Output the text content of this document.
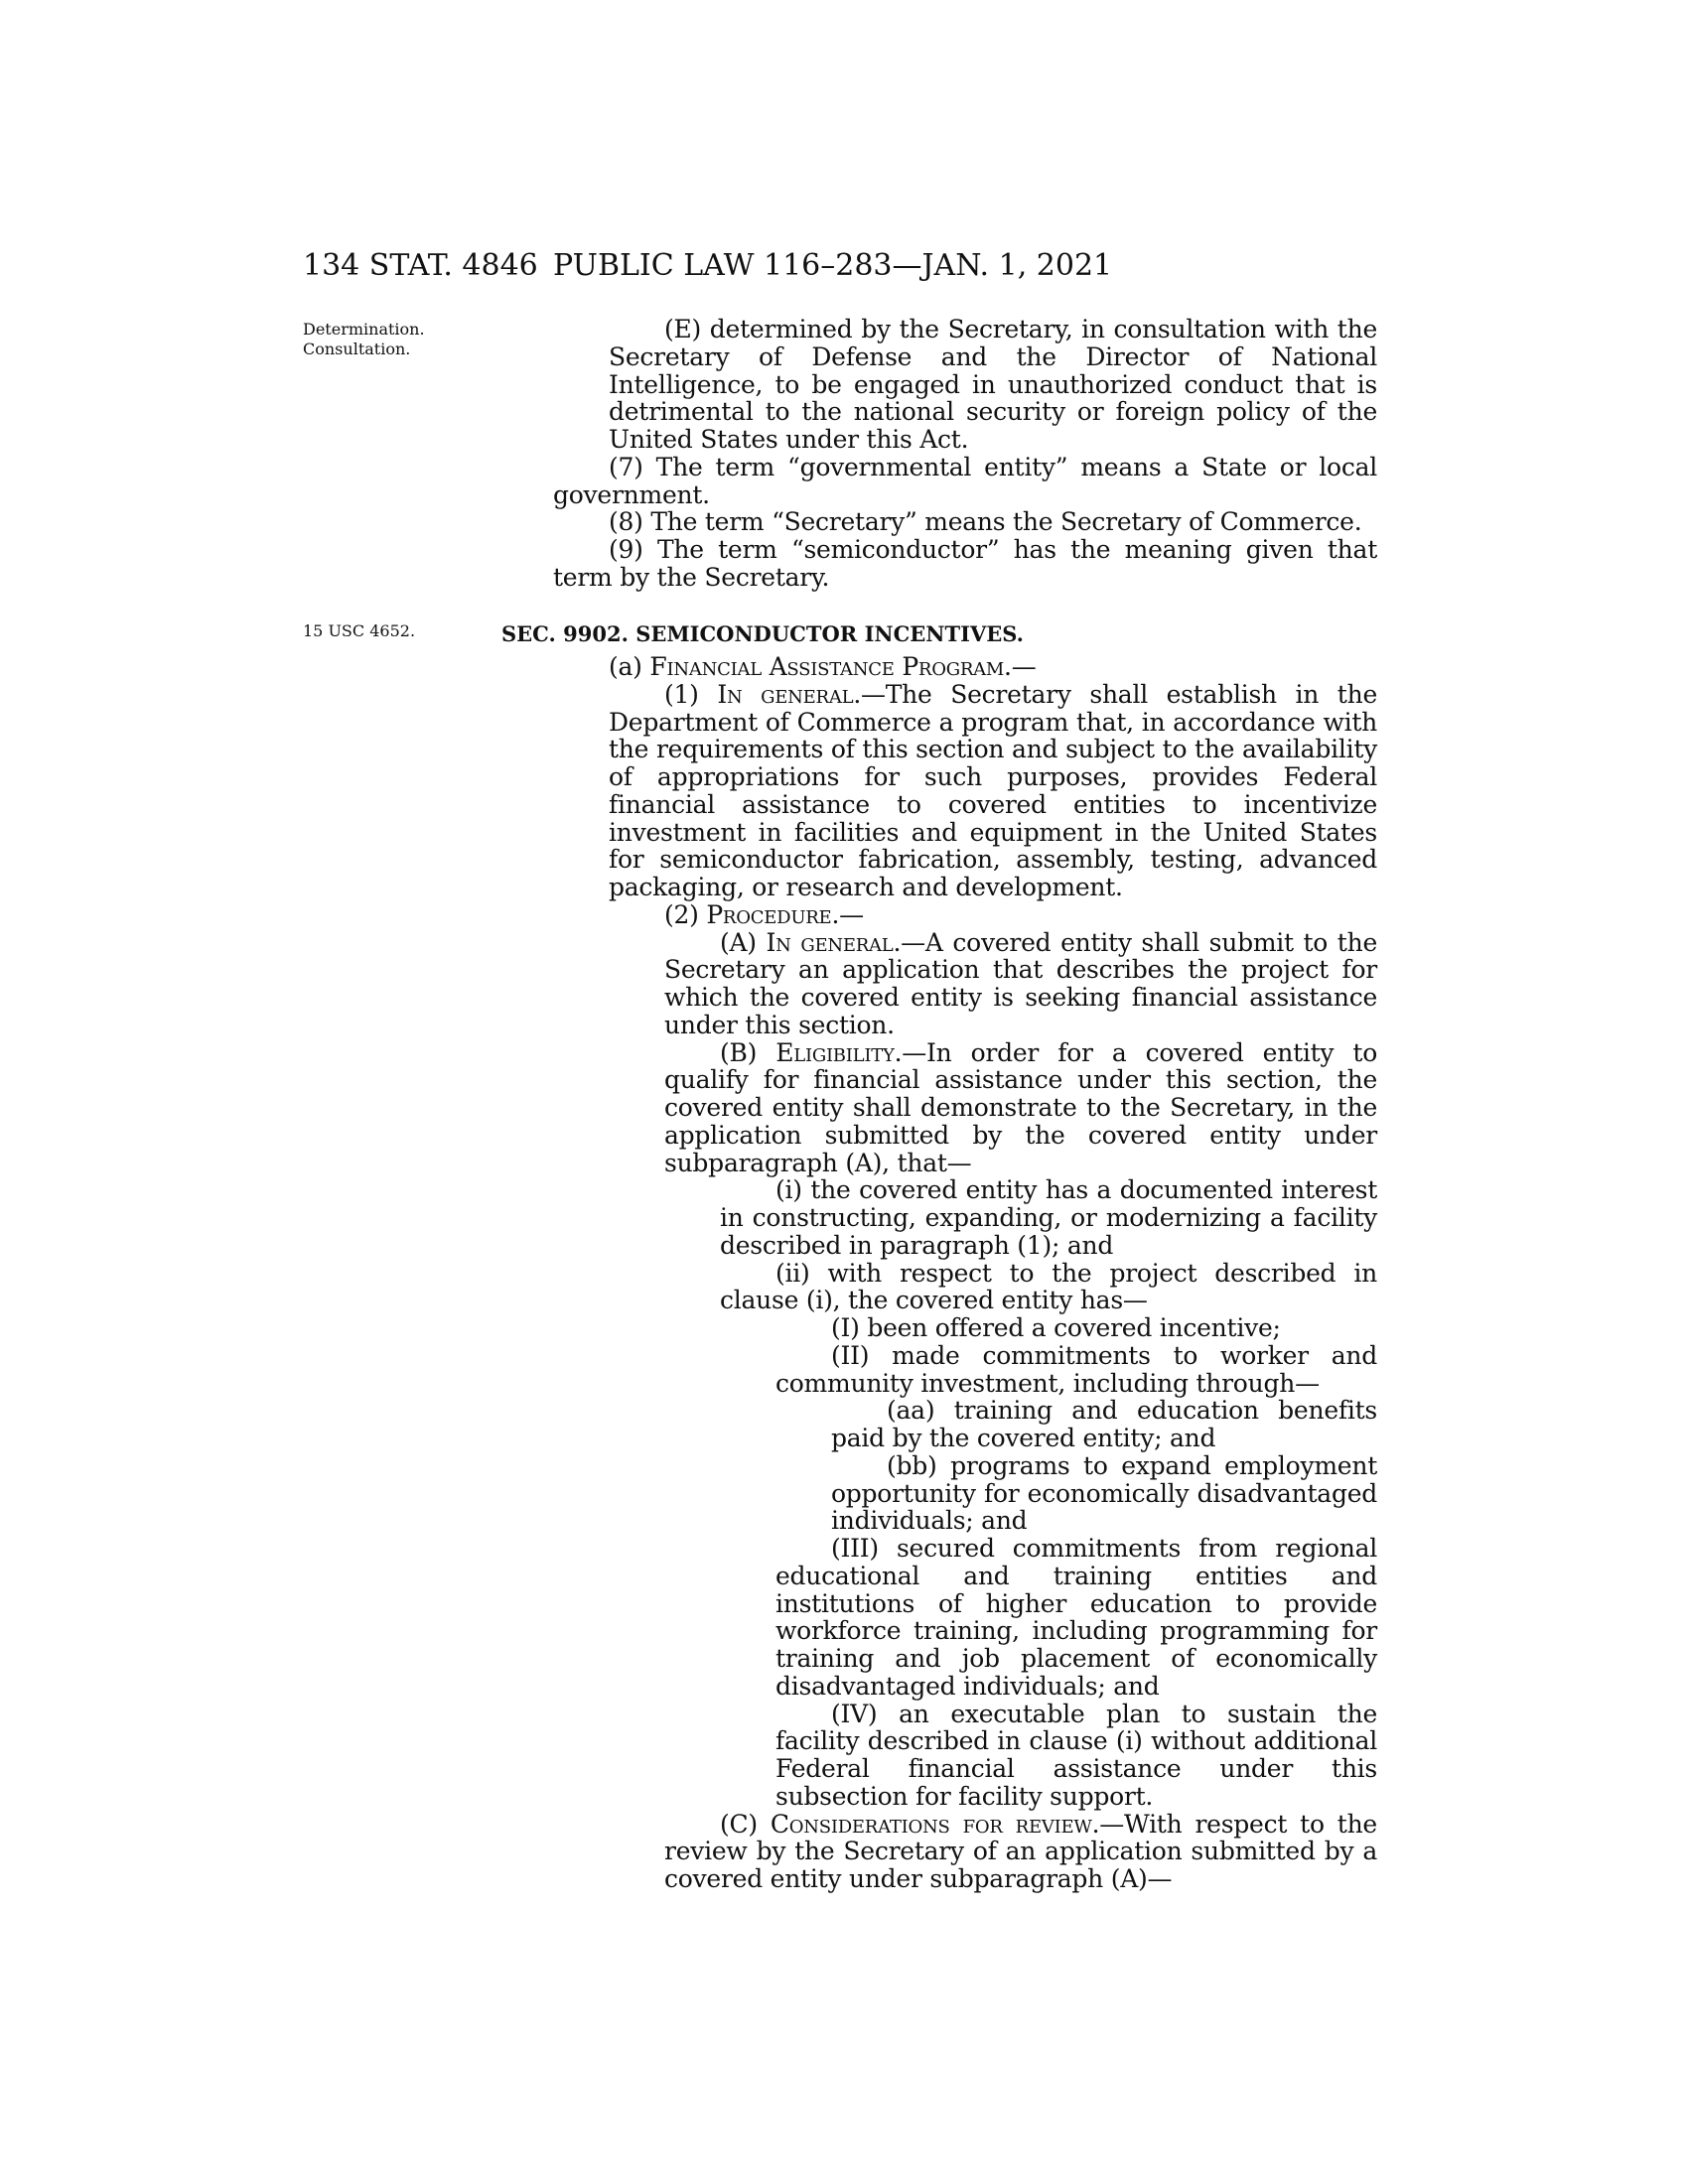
134 STAT. 4846 PUBLIC LAW 116–283—JAN. 1, 2021
Determination.
Consultation.
15 USC 4652.

(E) determined by the Secretary, in consultation with the Secretary of Defense and the Director of National Intelligence, to be engaged in unauthorized conduct that is detrimental to the national security or foreign policy of the United States under this Act.

(7) The term “governmental entity” means a State or local government.

(8) The term “Secretary” means the Secretary of Commerce.

(9) The term “semiconductor” has the meaning given that term by the Secretary.

SEC. 9902. SEMICONDUCTOR INCENTIVES.

(a) Financial Assistance Program.—

(1) In general.—The Secretary shall establish in the Department of Commerce a program that, in accordance with the requirements of this section and subject to the availability of appropriations for such purposes, provides Federal financial assistance to covered entities to incentivize investment in facilities and equipment in the United States for semiconductor fabrication, assembly, testing, advanced packaging, or research and development.

(2) Procedure.—

(A) In general.—A covered entity shall submit to the Secretary an application that describes the project for which the covered entity is seeking financial assistance under this section.

(B) Eligibility.—In order for a covered entity to qualify for financial assistance under this section, the covered entity shall demonstrate to the Secretary, in the application submitted by the covered entity under subparagraph (A), that—

(i) the covered entity has a documented interest in constructing, expanding, or modernizing a facility described in paragraph (1); and

(ii) with respect to the project described in clause (i), the covered entity has—

(I) been offered a covered incentive;

(II) made commitments to worker and community investment, including through—

(aa) training and education benefits paid by the covered entity; and

(bb) programs to expand employment opportunity for economically disadvantaged individuals; and

(III) secured commitments from regional educational and training entities and institutions of higher education to provide workforce training, including programming for training and job placement of economically disadvantaged individuals; and

(IV) an executable plan to sustain the facility described in clause (i) without additional Federal financial assistance under this subsection for facility support.

(C) Considerations for review.—With respect to the review by the Secretary of an application submitted by a covered entity under subparagraph (A)—
